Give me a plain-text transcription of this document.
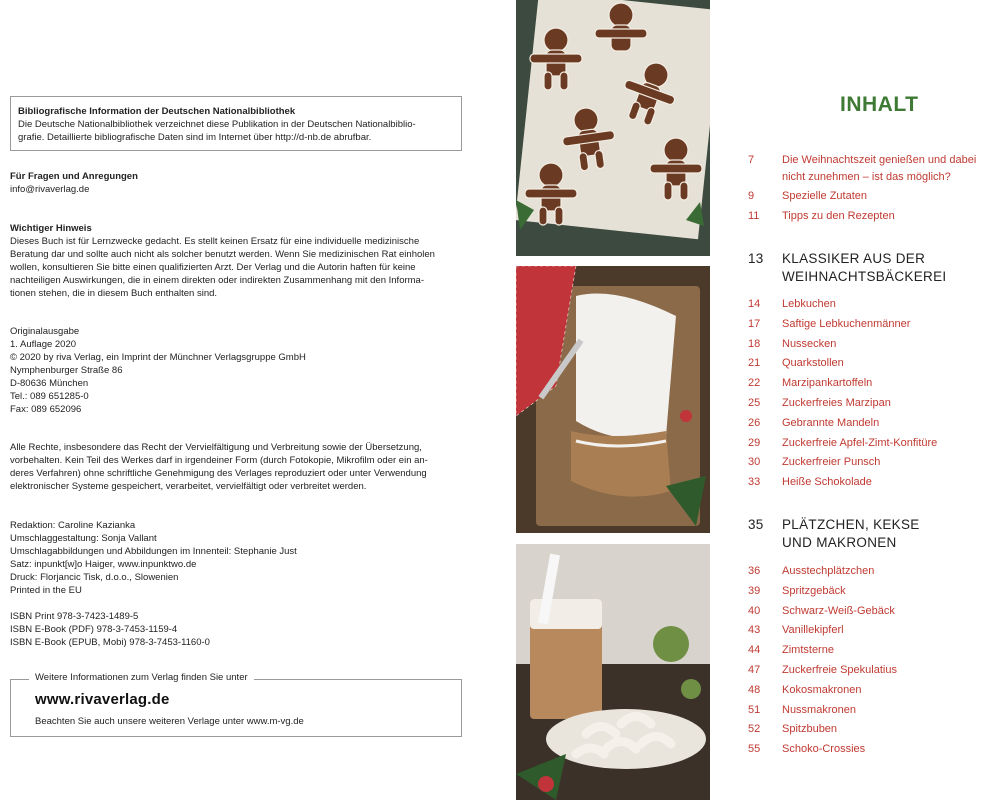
Bibliografische Information der Deutschen Nationalbibliothek
Die Deutsche Nationalbibliothek verzeichnet diese Publikation in der Deutschen Nationalbiblio-
grafie. Detaillierte bibliografische Daten sind im Internet über http://d-nb.de abrufbar.
Für Fragen und Anregungen
info@rivaverlag.de
Wichtiger Hinweis
Dieses Buch ist für Lernzwecke gedacht. Es stellt keinen Ersatz für eine individuelle medizinische
Beratung dar und sollte auch nicht als solcher benutzt werden. Wenn Sie medizinischen Rat einholen
wollen, konsultieren Sie bitte einen qualifizierten Arzt. Der Verlag und die Autorin haften für keine
nachteiligen Auswirkungen, die in einem direkten oder indirekten Zusammenhang mit den Informa-
tionen stehen, die in diesem Buch enthalten sind.
Originalausgabe
1. Auflage 2020
© 2020 by riva Verlag, ein Imprint der Münchner Verlagsgruppe GmbH
Nymphenburger Straße 86
D-80636 München
Tel.: 089 651285-0
Fax: 089 652096
Alle Rechte, insbesondere das Recht der Vervielfältigung und Verbreitung sowie der Übersetzung,
vorbehalten. Kein Teil des Werkes darf in irgendeiner Form (durch Fotokopie, Mikrofilm oder ein an-
deres Verfahren) ohne schriftliche Genehmigung des Verlages reproduziert oder unter Verwendung
elektronischer Systeme gespeichert, verarbeitet, vervielfältigt oder verbreitet werden.
Redaktion: Caroline Kazianka
Umschlaggestaltung: Sonja Vallant
Umschlagabbildungen und Abbildungen im Innenteil: Stephanie Just
Satz: inpunkt[w]o Haiger, www.inpunktwo.de
Druck: Florjancic Tisk, d.o.o., Slowenien
Printed in the EU
ISBN Print 978-3-7423-1489-5
ISBN E-Book (PDF) 978-3-7453-1159-4
ISBN E-Book (EPUB, Mobi) 978-3-7453-1160-0
Weitere Informationen zum Verlag finden Sie unter
www.rivaverlag.de
Beachten Sie auch unsere weiteren Verlage unter www.m-vg.de
INHALT
7	Die Weihnachtszeit genießen und dabei nicht zunehmen – ist das möglich?
9	Spezielle Zutaten
11 Tipps zu den Rezepten
13 KLASSIKER AUS DER
WEIHNACHTSBÄCKEREI
14 Lebkuchen
17 Saftige Lebkuchenmänner
18 Nussecken
21 Quarkstollen
22 Marzipankartoffeln
25 Zuckerfreies Marzipan
26 Gebrannte Mandeln
29 Zuckerfreie Apfel-Zimt-Konfitüre
30 Zuckerfreier Punsch
33 Heiße Schokolade
35 PLÄTZCHEN, KEKSE
UND MAKRONEN
36 Ausstechplätzchen
39 Spritzgebäck
40 Schwarz-Weiß-Gebäck
43 Vanillekipferl
44 Zimtsterne
47 Zuckerfreie Spekulatius
48 Kokosmakronen
51 Nussmakronen
52 Spitzbuben
55 Schoko-Crossies
